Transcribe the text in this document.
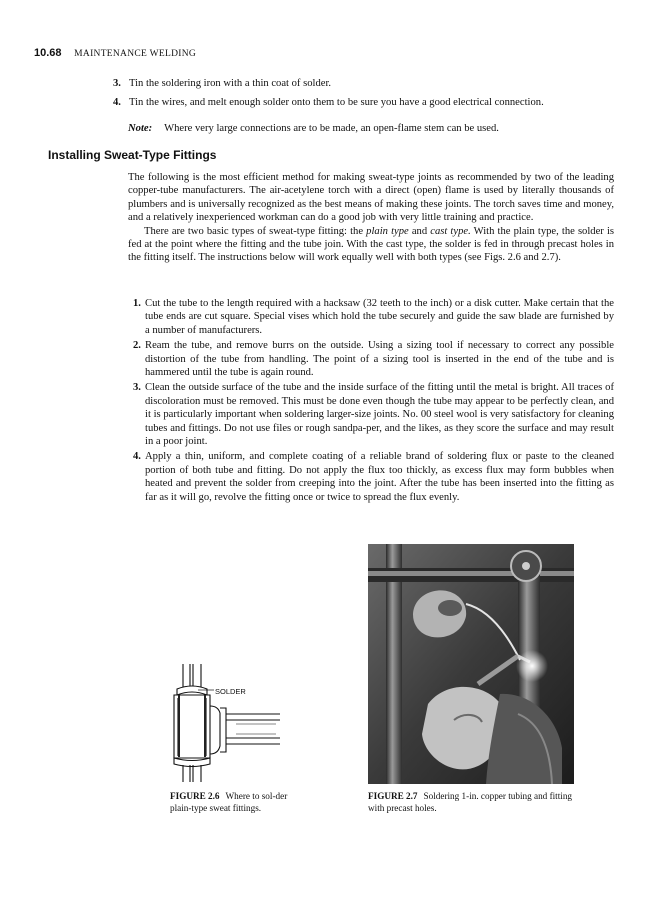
10.68 MAINTENANCE WELDING
3. Tin the soldering iron with a thin coat of solder.
4. Tin the wires, and melt enough solder onto them to be sure you have a good electrical connection.
Note: Where very large connections are to be made, an open-flame stem can be used.
Installing Sweat-Type Fittings

The following is the most efficient method for making sweat-type joints as recommended by two of the leading copper-tube manufacturers. The air-acetylene torch with a direct (open) flame is used by literally thousands of plumbers and is universally recognized as the best means of making these joints. The torch saves time and money, and a relatively inexperienced workman can do a good job with very little training and practice.

There are two basic types of sweat-type fitting: the plain type and cast type. With the plain type, the solder is fed at the point where the fitting and the tube join. With the cast type, the solder is fed in through precast holes in the fitting itself. The instructions below will work equally well with both types (see Figs. 2.6 and 2.7).

1. Cut the tube to the length required with a hacksaw (32 teeth to the inch) or a disk cutter. Make certain that the tube ends are cut square. Special vises which hold the tube securely and guide the saw blade are furnished by a number of manufacturers.
2. Ream the tube, and remove burrs on the outside. Using a sizing tool if necessary to correct any possible distortion of the tube from handling. The point of a sizing tool is inserted in the end of the tube and is hammered until the tube is again round.
3. Clean the outside surface of the tube and the inside surface of the fitting until the metal is bright. All traces of discoloration must be removed. This must be done even though the tube may appear to be perfectly clean, and it is particularly important when soldering larger-size joints. No. 00 steel wool is very satisfactory for cleaning tubes and fittings. Do not use files or rough sandpa-per, and the likes, as they score the surface and may result in a poor joint.
4. Apply a thin, uniform, and complete coating of a reliable brand of soldering flux or paste to the cleaned portion of both tube and fitting. Do not apply the flux too thickly, as excess flux may form bubbles when heated and prevent the solder from creeping into the joint. After the tube has been inserted into the fitting as far as it will go, revolve the fitting once or twice to spread the flux evenly.
SOLDER
FIGURE 2.6 Where to sol-der plain-type sweat fittings.
FIGURE 2.7 Soldering 1-in. copper tubing and fitting with precast holes.
